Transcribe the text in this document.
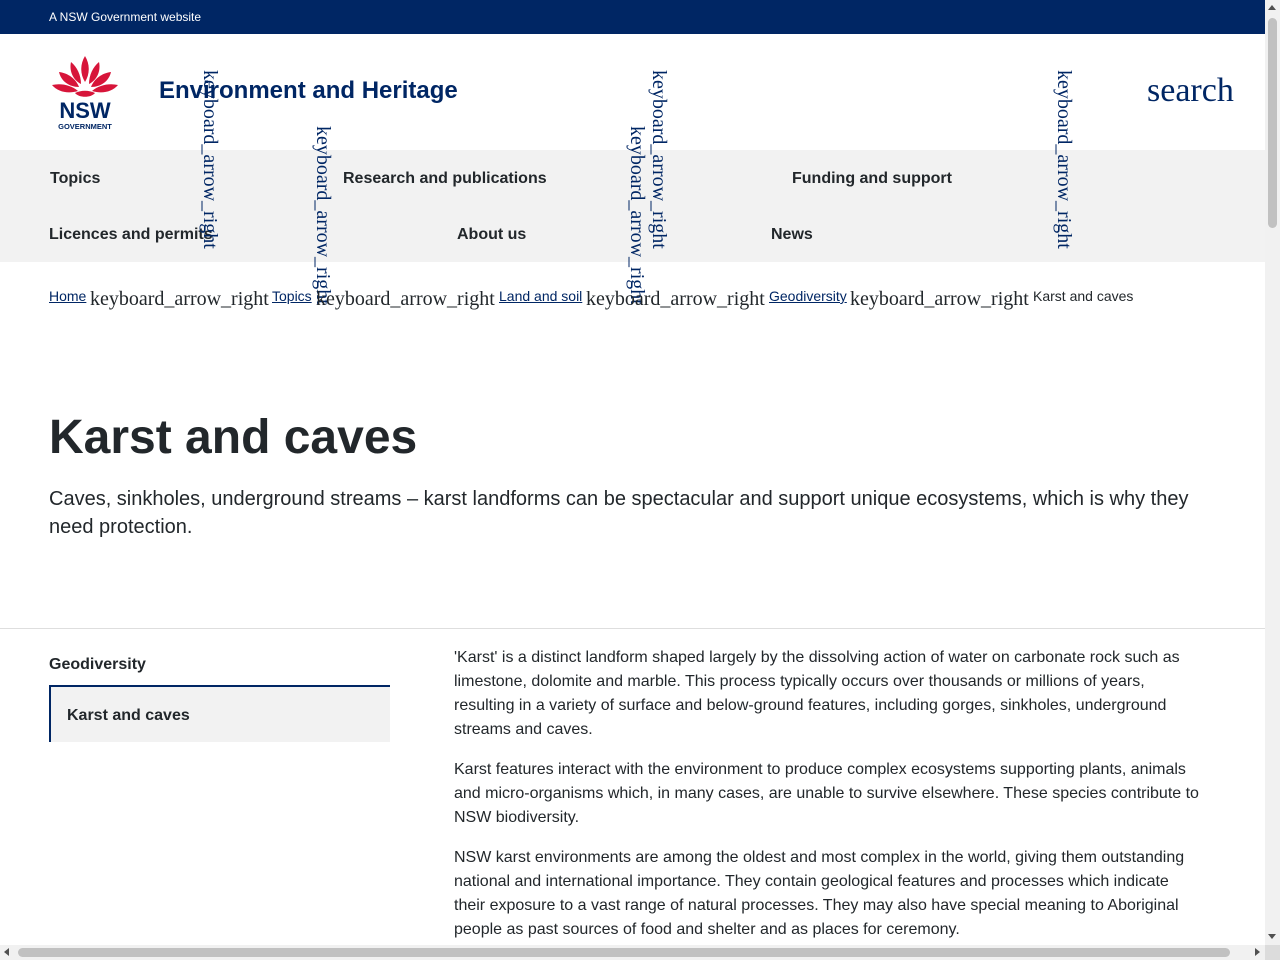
A NSW Government website
NSW
GOVERNMENT
Environment and Heritage	search
Topics	Research and publications	Funding and support
Licences and permits	About us	News
keyboard_arrow_right	keyboard_arrow_right	keyboard_arrow_right
keyboard_arrow_right	keyboard_arrow_right
Home keyboard_arrow_right Topics keyboard_arrow_right Land and soil keyboard_arrow_right Geodiversity keyboard_arrow_right Karst and caves
Karst and caves

Caves, sinkholes, underground streams – karst landforms can be spectacular and support unique ecosystems, which is why they need protection.

Geodiversity
Karst and caves

'Karst' is a distinct landform shaped largely by the dissolving action of water on carbonate rock such as limestone, dolomite and marble. This process typically occurs over thousands or millions of years, resulting in a variety of surface and below-ground features, including gorges, sinkholes, underground streams and caves.

Karst features interact with the environment to produce complex ecosystems supporting plants, animals and micro-organisms which, in many cases, are unable to survive elsewhere. These species contribute to NSW biodiversity.

NSW karst environments are among the oldest and most complex in the world, giving them outstanding national and international importance. They contain geological features and processes which indicate their exposure to a vast range of natural processes. They may also have special meaning to Aboriginal people as past sources of food and shelter and as places for ceremony.
